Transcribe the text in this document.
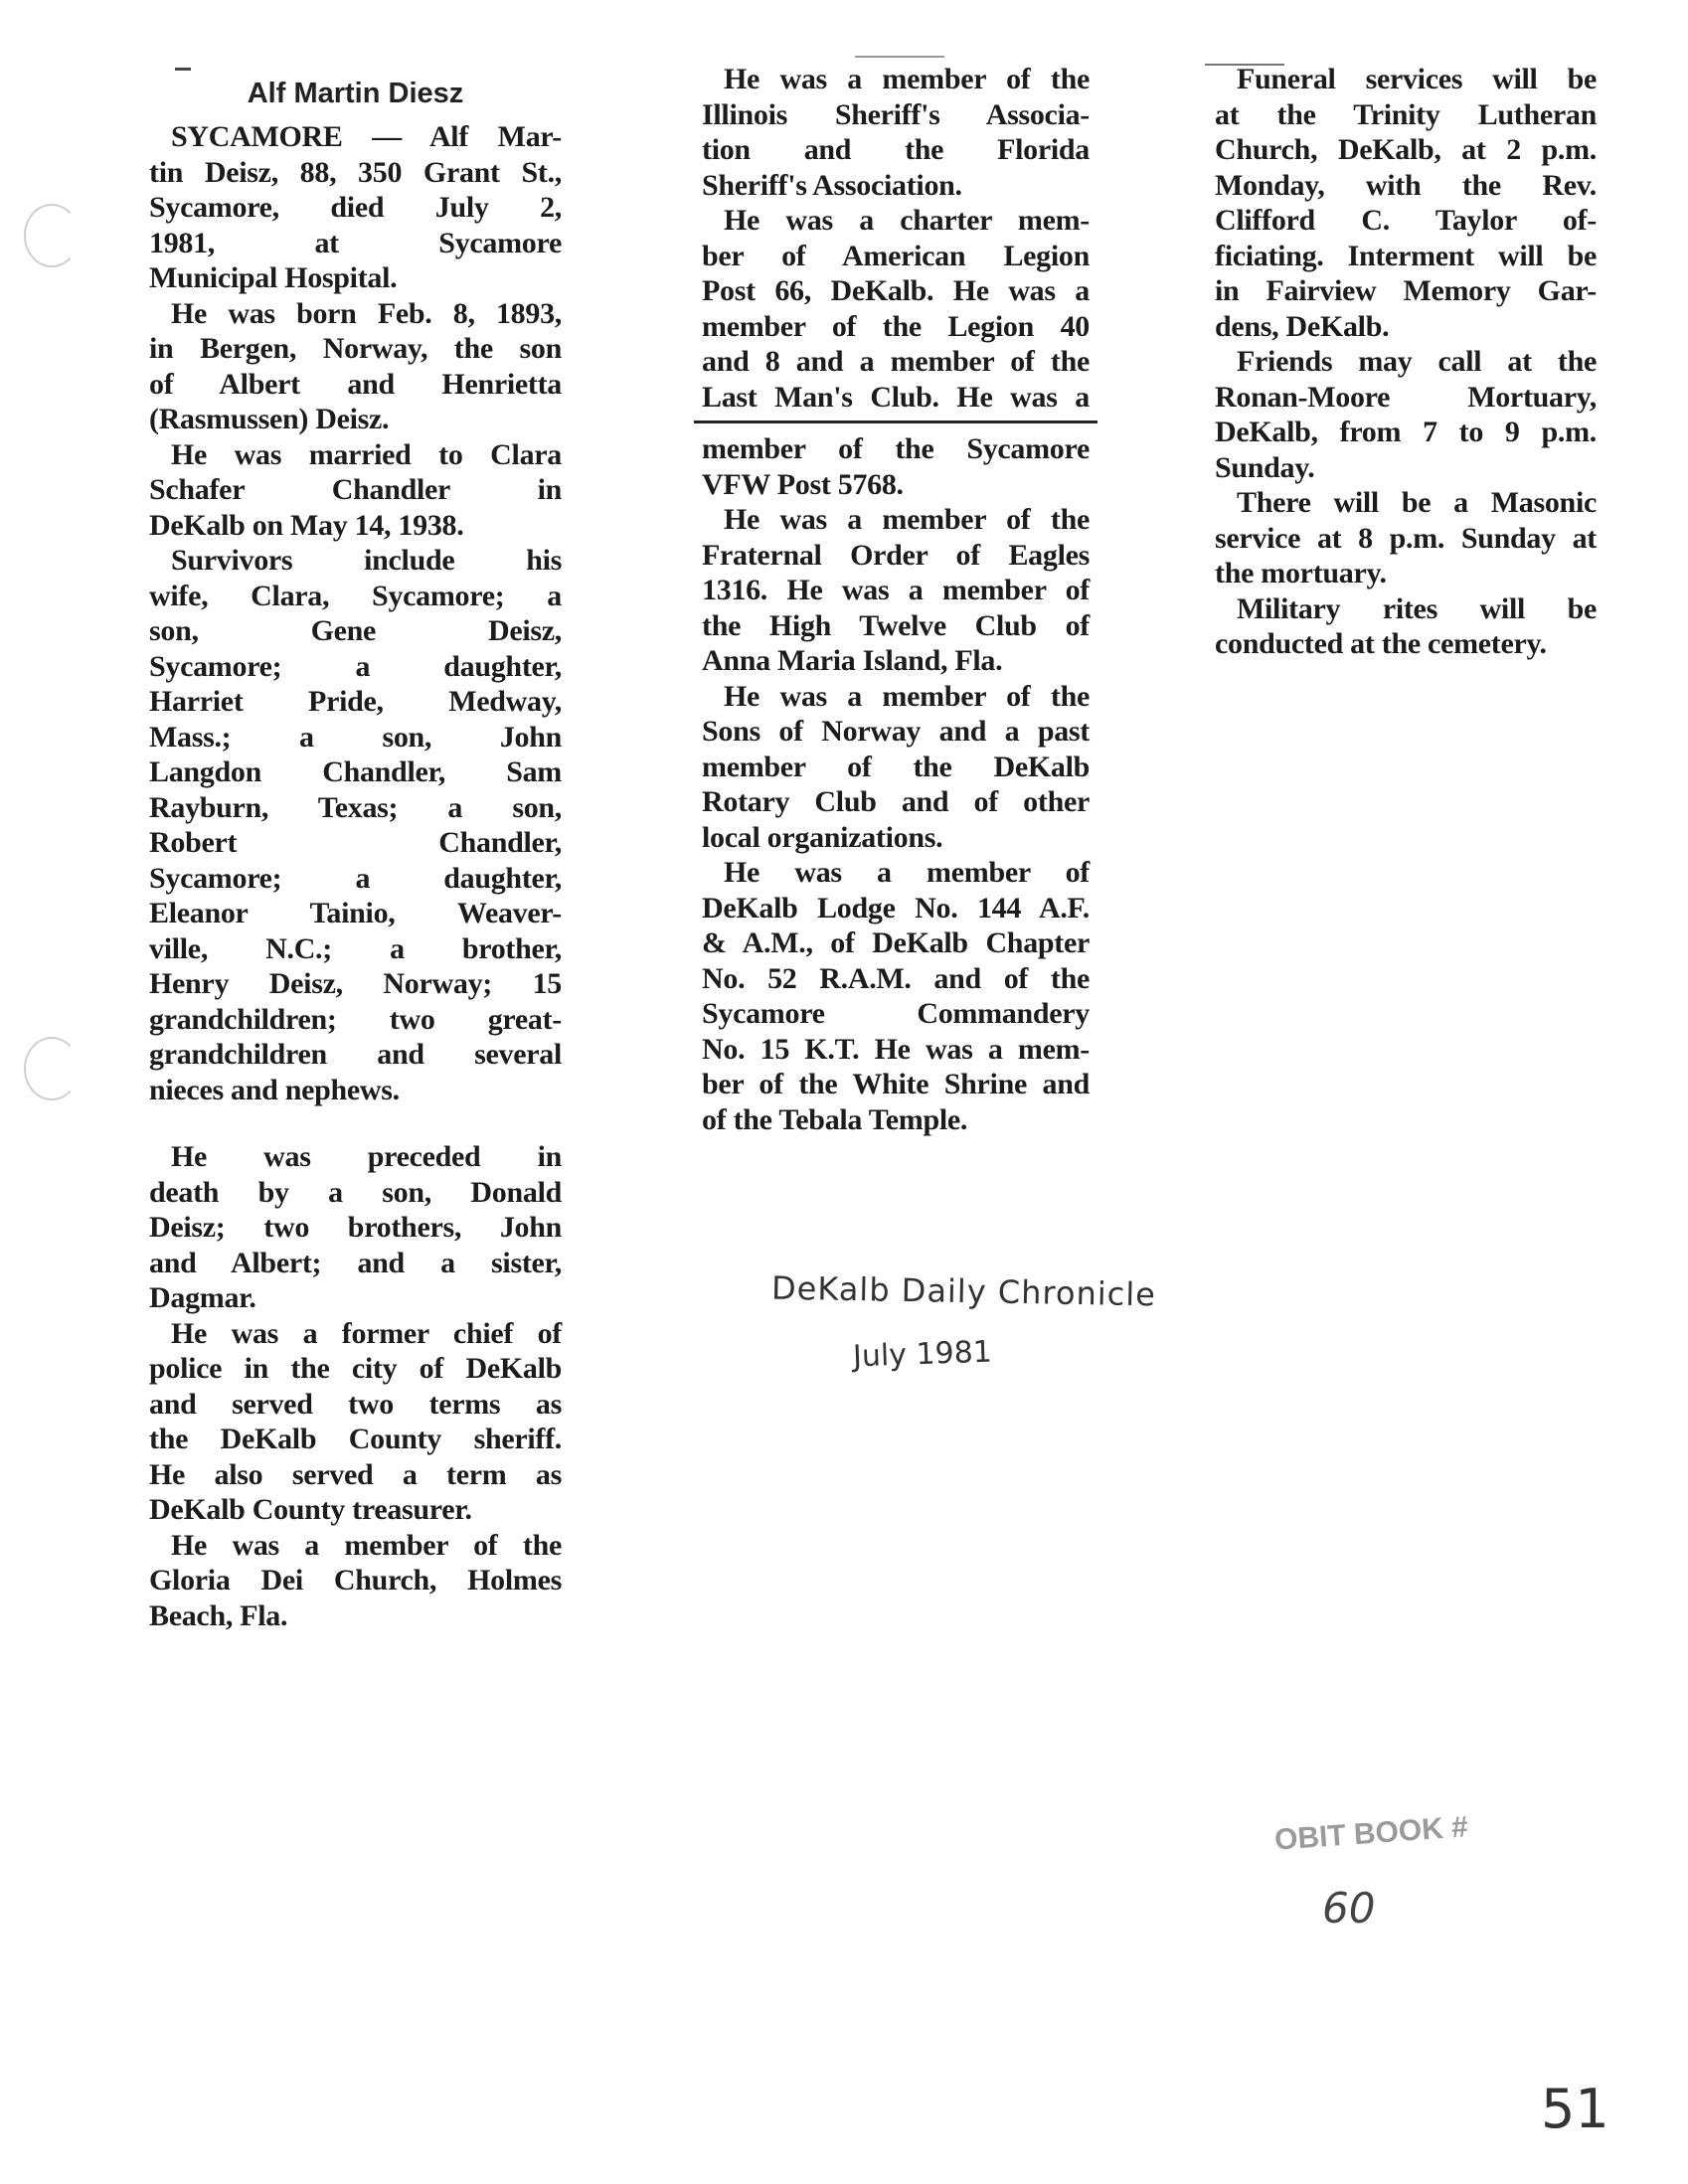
Alf Martin Diesz
SYCAMORE — Alf Mar-
tin Deisz, 88, 350 Grant St.,
Sycamore, died July 2,
1981, at Sycamore
Municipal Hospital.
He was born Feb. 8, 1893,
in Bergen, Norway, the son
of Albert and Henrietta
(Rasmussen) Deisz.
He was married to Clara
Schafer Chandler in
DeKalb on May 14, 1938.
Survivors include his
wife, Clara, Sycamore; a
son, Gene Deisz,
Sycamore; a daughter,
Harriet Pride, Medway,
Mass.; a son, John
Langdon Chandler, Sam
Rayburn, Texas; a son,
Robert Chandler,
Sycamore; a daughter,
Eleanor Tainio, Weaver-
ville, N.C.; a brother,
Henry Deisz, Norway; 15
grandchildren; two great-
grandchildren and several
nieces and nephews.
He was preceded in
death by a son, Donald
Deisz; two brothers, John
and Albert; and a sister,
Dagmar.
He was a former chief of
police in the city of DeKalb
and served two terms as
the DeKalb County sheriff.
He also served a term as
DeKalb County treasurer.
He was a member of the
Gloria Dei Church, Holmes
Beach, Fla.
He was a member of the
Illinois Sheriff's Associa-
tion and the Florida
Sheriff's Association.
He was a charter mem-
ber of American Legion
Post 66, DeKalb. He was a
member of the Legion 40
and 8 and a member of the
Last Man's Club. He was a
member of the Sycamore
VFW Post 5768.
He was a member of the
Fraternal Order of Eagles
1316. He was a member of
the High Twelve Club of
Anna Maria Island, Fla.
He was a member of the
Sons of Norway and a past
member of the DeKalb
Rotary Club and of other
local organizations.
He was a member of
DeKalb Lodge No. 144 A.F.
& A.M., of DeKalb Chapter
No. 52 R.A.M. and of the
Sycamore Commandery
No. 15 K.T. He was a mem-
ber of the White Shrine and
of the Tebala Temple.
Funeral services will be
at the Trinity Lutheran
Church, DeKalb, at 2 p.m.
Monday, with the Rev.
Clifford C. Taylor of-
ficiating. Interment will be
in Fairview Memory Gar-
dens, DeKalb.
Friends may call at the
Ronan-Moore Mortuary,
DeKalb, from 7 to 9 p.m.
Sunday.
There will be a Masonic
service at 8 p.m. Sunday at
the mortuary.
Military rites will be
conducted at the cemetery.
DeKalb Daily Chronicle
July 1981
OBIT BOOK #
60
51
